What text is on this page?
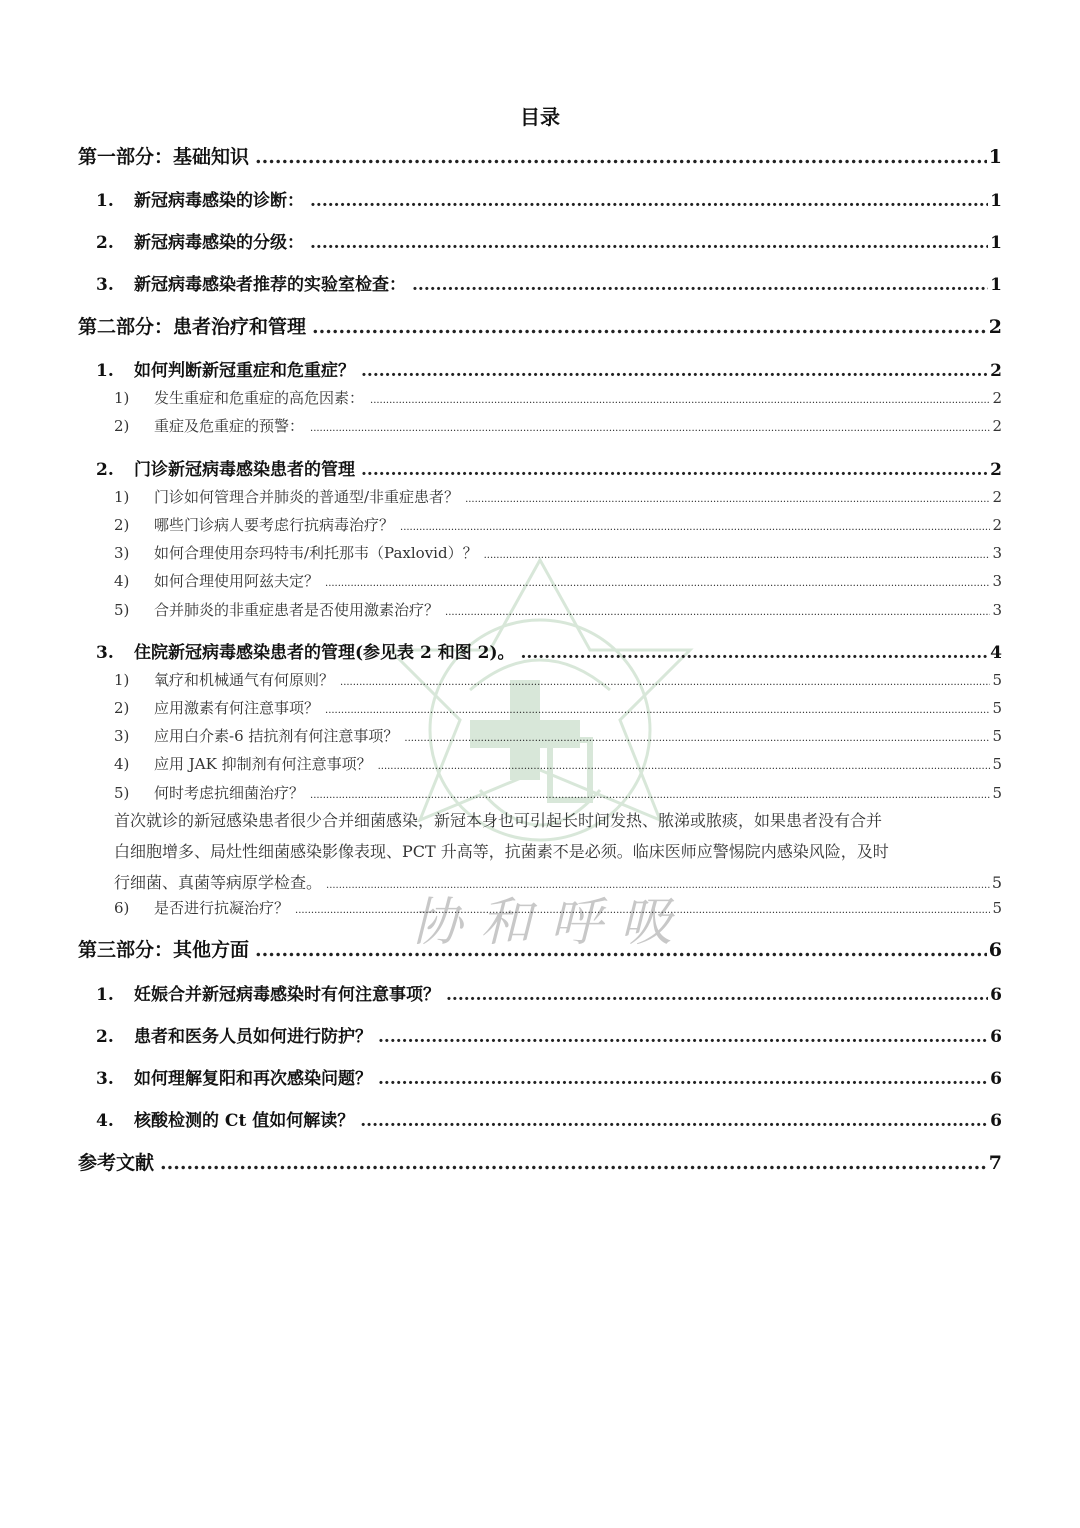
协和呼吸
目录
第一部分：基础知识 .....	1
1.	新冠病毒感染的诊断： .....	1
2.	新冠病毒感染的分级： .....	1
3.	新冠病毒感染者推荐的实验室检查： .....	1
第二部分：患者治疗和管理 .....	2
1.	如何判断新冠重症和危重症？ .....	2
1)	发生重症和危重症的高危因素： .....	2
2)	重症及危重症的预警： .....	2
2.	门诊新冠病毒感染患者的管理 .....	2
1)	门诊如何管理合并肺炎的普通型/非重症患者？ .....	2
2)	哪些门诊病人要考虑行抗病毒治疗？ .....	2
3)	如何合理使用奈玛特韦/利托那韦（Paxlovid）？ .....	3
4)	如何合理使用阿兹夫定？ .....	3
5)	合并肺炎的非重症患者是否使用激素治疗？ .....	3
3.	住院新冠病毒感染患者的管理(参见表 2 和图 2)。 .....	4
1)	氧疗和机械通气有何原则？ .....	5
2)	应用激素有何注意事项？ .....	5
3)	应用白介素-6 拮抗剂有何注意事项？ .....	5
4)	应用 JAK 抑制剂有何注意事项？ .....	5
5)	何时考虑抗细菌治疗？ .....	5
首次就诊的新冠感染患者很少合并细菌感染，新冠本身也可引起长时间发热、脓涕或脓痰，如果患者没有合并
白细胞增多、局灶性细菌感染影像表现、PCT 升高等，抗菌素不是必须。临床医师应警惕院内感染风险，及时
行细菌、真菌等病原学检查。 .....	5
6)	是否进行抗凝治疗？ .....	5
第三部分：其他方面 .....	6
1.	妊娠合并新冠病毒感染时有何注意事项？ .....	6
2.	患者和医务人员如何进行防护？ .....	6
3.	如何理解复阳和再次感染问题？ .....	6
4.	核酸检测的 Ct 值如何解读？ .....	6
参考文献 .....	7
